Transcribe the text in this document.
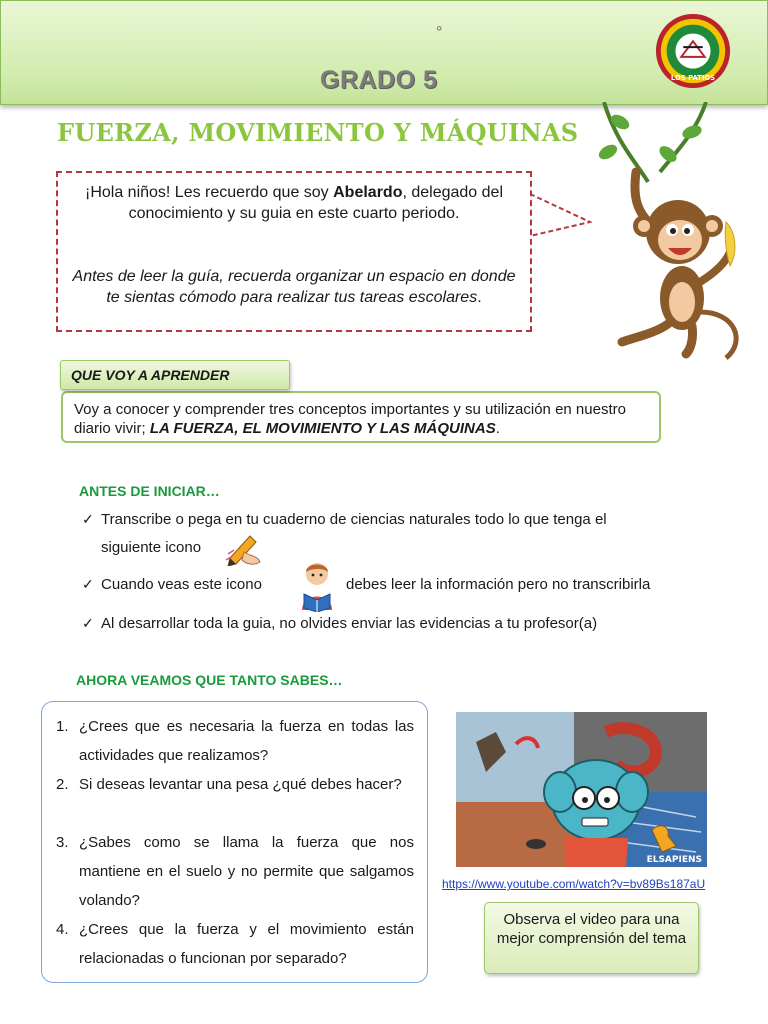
°
GRADO 5	LOS PATIOS
FUERZA, MOVIMIENTO Y MÁQUINAS

¡Hola niños! Les recuerdo que soy Abelardo, delegado del conocimiento y su guia en este cuarto periodo.

Antes de leer la guía, recuerda organizar un espacio en donde te sientas cómodo para realizar tus tareas escolares.

Voy a conocer y comprender tres conceptos importantes y su utilización en nuestro diario vivir; LA FUERZA, EL MOVIMIENTO Y LAS MÁQUINAS.
QUE VOY A APRENDER
ANTES DE INICIAR…
✓ Transcribe o pega en tu cuaderno de ciencias naturales todo lo que tenga el
siguiente icono
✓ Cuando veas este icono	debes leer la información pero no transcribirla
✓ Al desarrollar toda la guia, no olvides enviar las evidencias a tu profesor(a)
AHORA VEAMOS QUE TANTO SABES…
1. ¿Crees que es necesaria la fuerza en todas las actividades que realizamos?
2. Si deseas levantar una pesa ¿qué debes hacer?
3. ¿Sabes como se llama la fuerza que nos mantiene en el suelo y no permite que salgamos volando?
4. ¿Crees que la fuerza y el movimiento están relacionadas o funcionan por separado?
ELSAPIENS
https://www.youtube.com/watch?v=bv89Bs187aU
Observa el video para una mejor comprensión del tema
